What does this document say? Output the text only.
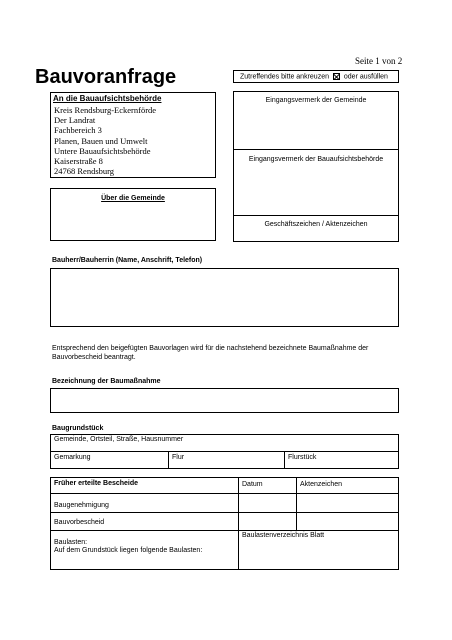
Seite 1 von 2
Bauvoranfrage	Zutreffendes bitte ankreuzen oder ausfüllen
An die Bauaufsichtsbehörde
Kreis Rendsburg-Eckernförde
Der Landrat
Fachbereich 3
Planen, Bauen und Umwelt
Untere Bauaufsichtsbehörde
Kaiserstraße 8
24768 Rendsburg
Eingangsvermerk der Gemeinde
Eingangsvermerk der Bauaufsichtsbehörde
Über die Gemeinde
Geschäftszeichen / Aktenzeichen
Bauherr/Bauherrin (Name, Anschrift, Telefon)
Entsprechend den beigefügten Bauvorlagen wird für die nachstehend bezeichnete Baumaßnahme der
Bauvorbescheid beantragt.
Bezeichnung der Baumaßnahme
Baugrundstück
Gemeinde, Ortsteil, Straße, Hausnummer
Gemarkung	Flur	Flurstück
Früher erteilte Bescheide	Datum	Aktenzeichen
Baugenehmigung
Bauvorbescheid
Baulasten:
Auf dem Grundstück liegen folgende Baulasten:
Baulastenverzeichnis Blatt
